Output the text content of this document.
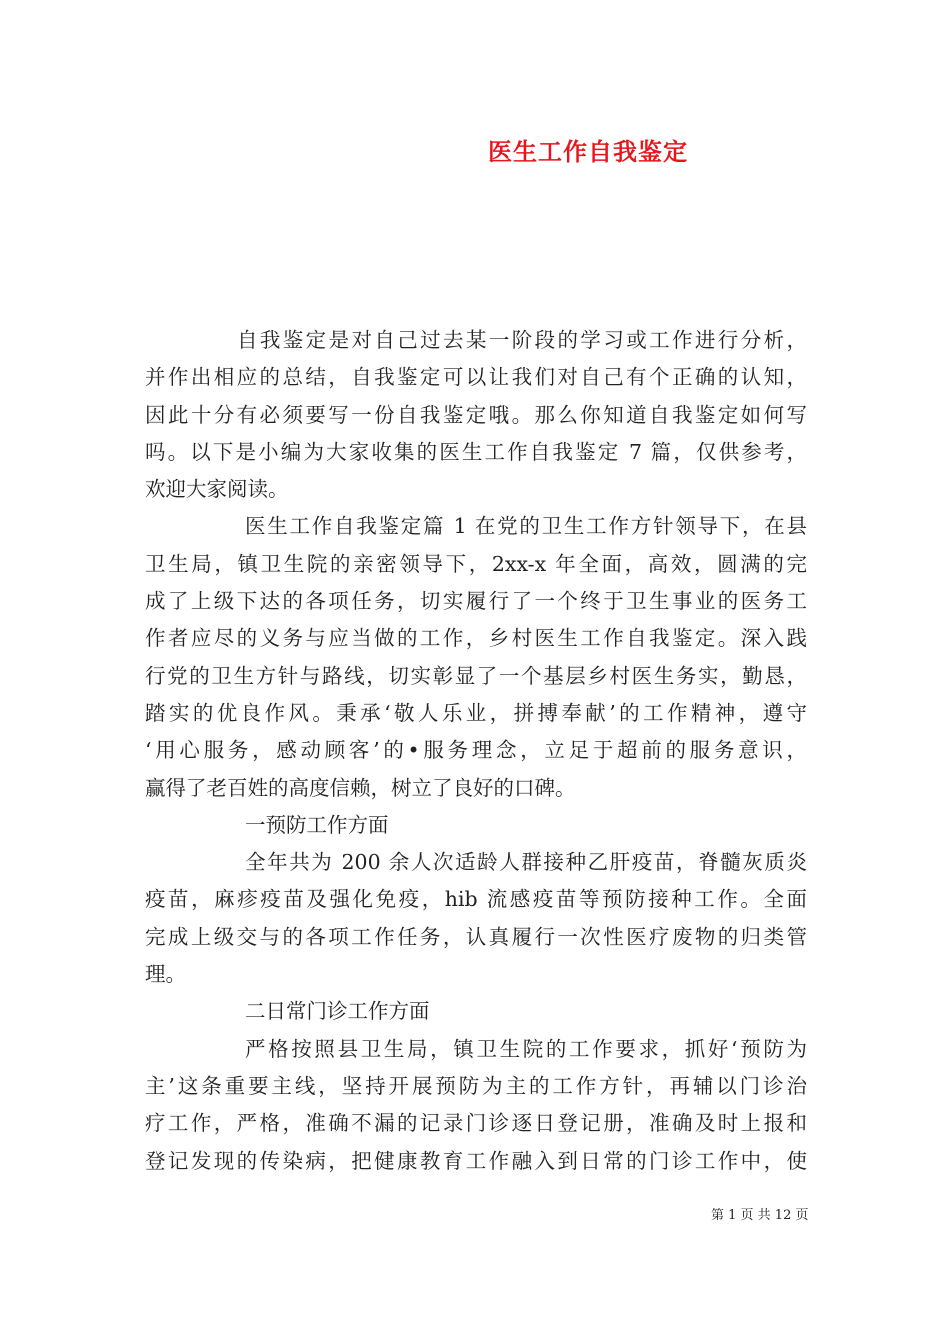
医生工作自我鉴定
自我鉴定是对自己过去某一阶段的学习或工作进行分析，
并作出相应的总结，自我鉴定可以让我们对自己有个正确的认知，
因此十分有必须要写一份自我鉴定哦。那么你知道自我鉴定如何写
吗。以下是小编为大家收集的医生工作自我鉴定 7 篇，仅供参考，
欢迎大家阅读。
医生工作自我鉴定篇 1 在党的卫生工作方针领导下，在县
卫生局，镇卫生院的亲密领导下，2xx-x 年全面，高效，圆满的完
成了上级下达的各项任务，切实履行了一个终于卫生事业的医务工
作者应尽的义务与应当做的工作，乡村医生工作自我鉴定。深入践
行党的卫生方针与路线，切实彰显了一个基层乡村医生务实，勤恳，
踏实的优良作风。秉承‘敬人乐业，拼搏奉献’的工作精神，遵守
‘用心服务，感动顾客’的•服务理念，立足于超前的服务意识，
赢得了老百姓的高度信赖，树立了良好的口碑。
一预防工作方面
全年共为 200 余人次适龄人群接种乙肝疫苗，脊髓灰质炎
疫苗，麻疹疫苗及强化免疫，hib 流感疫苗等预防接种工作。全面
完成上级交与的各项工作任务，认真履行一次性医疗废物的归类管
理。
二日常门诊工作方面
严格按照县卫生局，镇卫生院的工作要求，抓好‘预防为
主’这条重要主线，坚持开展预防为主的工作方针，再辅以门诊治
疗工作，严格，准确不漏的记录门诊逐日登记册，准确及时上报和
登记发现的传染病，把健康教育工作融入到日常的门诊工作中，使
第 1 页 共 12 页
